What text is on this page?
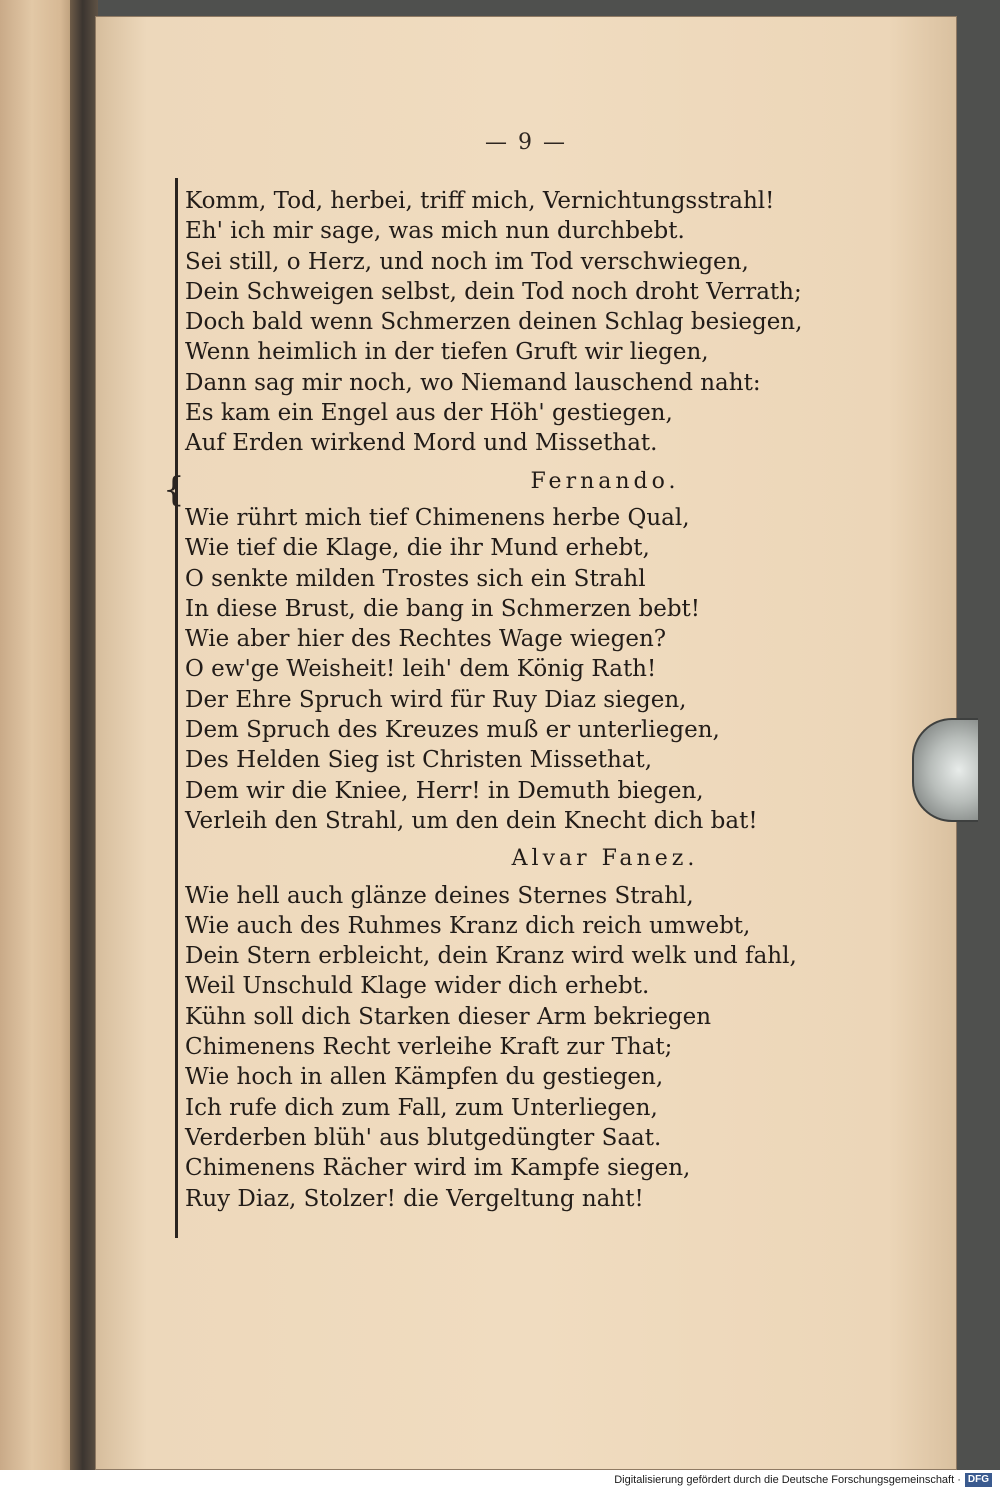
— 9 —
Komm, Tod, herbei, triff mich, Vernichtungsstrahl!
Eh' ich mir sage, was mich nun durchbebt.
Sei still, o Herz, und noch im Tod verschwiegen,
Dein Schweigen selbst, dein Tod noch droht Verrath;
Doch bald wenn Schmerzen deinen Schlag besiegen,
Wenn heimlich in der tiefen Gruft wir liegen,
Dann sag mir noch, wo Niemand lauschend naht:
Es kam ein Engel aus der Höh' gestiegen,
Auf Erden wirkend Mord und Missethat.
Fernando.
Wie rührt mich tief Chimenens herbe Qual,
Wie tief die Klage, die ihr Mund erhebt,
O senkte milden Trostes sich ein Strahl
In diese Brust, die bang in Schmerzen bebt!
Wie aber hier des Rechtes Wage wiegen?
O ew'ge Weisheit! leih' dem König Rath!
Der Ehre Spruch wird für Ruy Diaz siegen,
Dem Spruch des Kreuzes muß er unterliegen,
Des Helden Sieg ist Christen Missethat,
Dem wir die Kniee, Herr! in Demuth biegen,
Verleih den Strahl, um den dein Knecht dich bat!
Alvar Fanez.
Wie hell auch glänze deines Sternes Strahl,
Wie auch des Ruhmes Kranz dich reich umwebt,
Dein Stern erbleicht, dein Kranz wird welk und fahl,
Weil Unschuld Klage wider dich erhebt.
Kühn soll dich Starken dieser Arm bekriegen
Chimenens Recht verleihe Kraft zur That;
Wie hoch in allen Kämpfen du gestiegen,
Ich rufe dich zum Fall, zum Unterliegen,
Verderben blüh' aus blutgedüngter Saat.
Chimenens Rächer wird im Kampfe siegen,
Ruy Diaz, Stolzer! die Vergeltung naht!
{
Digitalisierung gefördert durch die Deutsche Forschungsgemeinschaft · DFG
